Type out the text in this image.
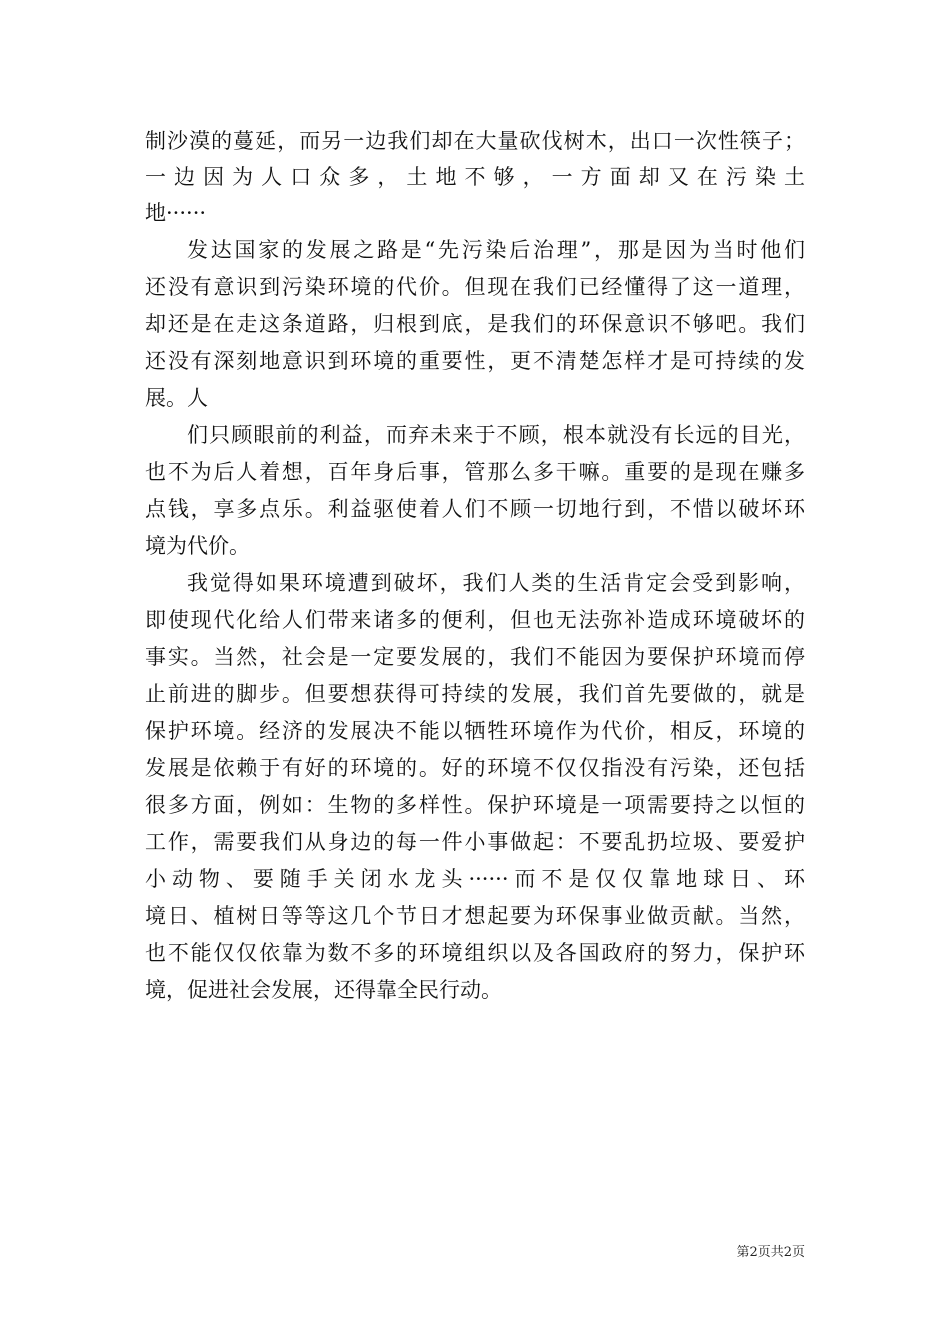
制沙漠的蔓延，而另一边我们却在大量砍伐树木，出口一次性筷子；
一边因为人口众多，土地不够，一方面却又在污染土
地······
发达国家的发展之路是“先污染后治理”，那是因为当时他们
还没有意识到污染环境的代价。但现在我们已经懂得了这一道理，
却还是在走这条道路，归根到底，是我们的环保意识不够吧。我们
还没有深刻地意识到环境的重要性，更不清楚怎样才是可持续的发
展。人
们只顾眼前的利益，而弃未来于不顾，根本就没有长远的目光，
也不为后人着想，百年身后事，管那么多干嘛。重要的是现在赚多
点钱，享多点乐。利益驱使着人们不顾一切地行到，不惜以破坏环
境为代价。
我觉得如果环境遭到破坏，我们人类的生活肯定会受到影响，
即使现代化给人们带来诸多的便利，但也无法弥补造成环境破坏的
事实。当然，社会是一定要发展的，我们不能因为要保护环境而停
止前进的脚步。但要想获得可持续的发展，我们首先要做的，就是
保护环境。经济的发展决不能以牺牲环境作为代价，相反，环境的
发展是依赖于有好的环境的。好的环境不仅仅指没有污染，还包括
很多方面，例如：生物的多样性。保护环境是一项需要持之以恒的
工作，需要我们从身边的每一件小事做起：不要乱扔垃圾、要爱护
小动物、要随手关闭水龙头······而不是仅仅靠地球日、环
境日、植树日等等这几个节日才想起要为环保事业做贡献。当然，
也不能仅仅依靠为数不多的环境组织以及各国政府的努力，保护环
境，促进社会发展，还得靠全民行动。
第2页共2页
